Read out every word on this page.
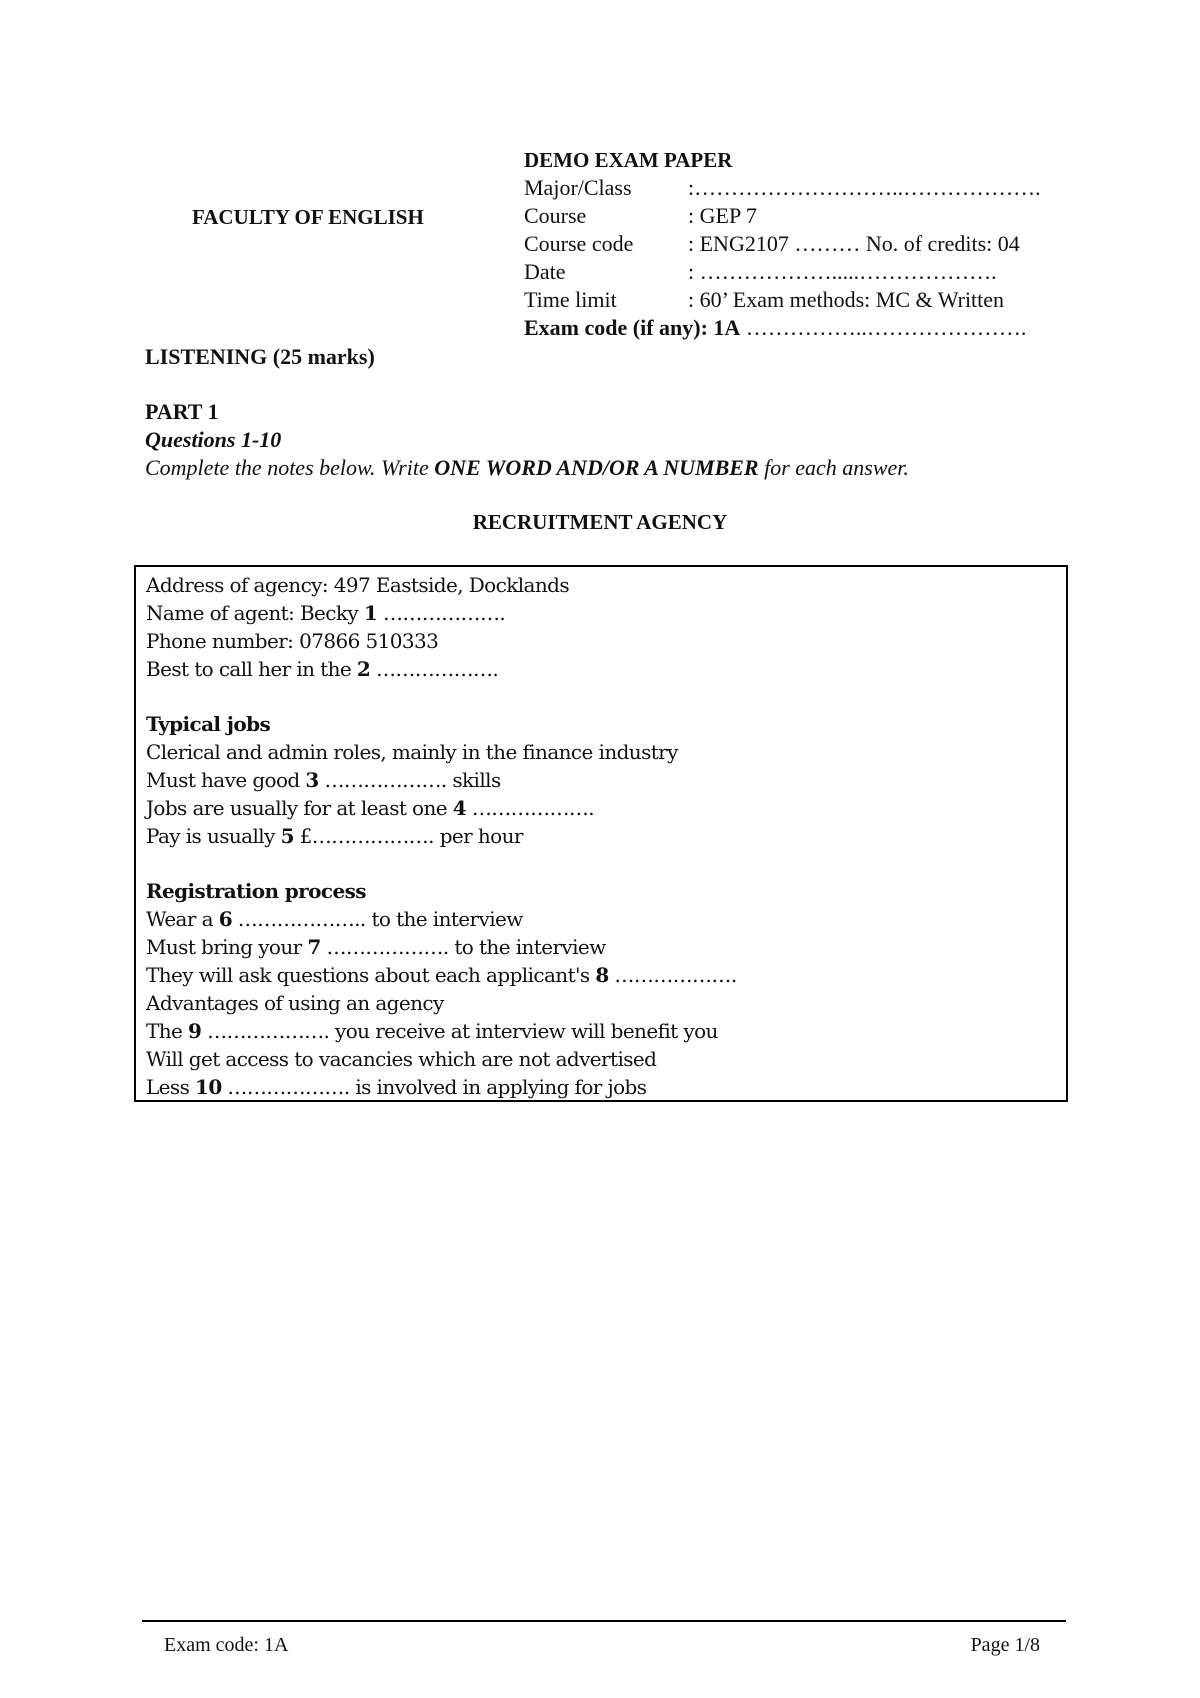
FACULTY OF ENGLISH
DEMO EXAM PAPER
Major/Class	:………………………..……………….
Course	: GEP 7
Course code	: ENG2107 ……… No. of credits: 04
Date	: ……………….....……………….
Time limit	: 60’ Exam methods: MC & Written
Exam code (if any): 1A ……………..………………….
LISTENING (25 marks)
PART 1
Questions 1-10
Complete the notes below. Write ONE WORD AND/OR A NUMBER for each answer.
RECRUITMENT AGENCY
Address of agency: 497 Eastside, Docklands
Name of agent: Becky 1 ……………….
Phone number: 07866 510333
Best to call her in the 2 ……………….
Typical jobs
Clerical and admin roles, mainly in the finance industry
Must have good 3 ………………. skills
Jobs are usually for at least one 4 ……………….
Pay is usually 5 £………………. per hour
Registration process
Wear a 6 ……………….. to the interview
Must bring your 7 ………………. to the interview
They will ask questions about each applicant's 8 ……………….
Advantages of using an agency
The 9 ………………. you receive at interview will benefit you
Will get access to vacancies which are not advertised
Less 10 ………………. is involved in applying for jobs
Exam code: 1A	Page 1/8
